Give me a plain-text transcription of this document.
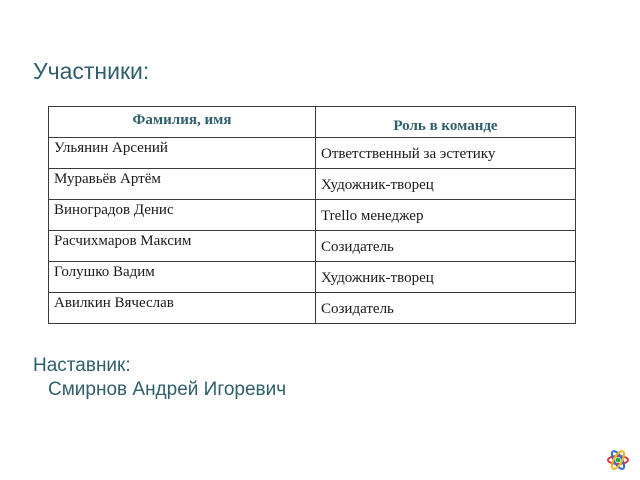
Участники:
Фамилия, имя	Роль в команде
Ульянин Арсений	Ответственный за эстетику
Муравьёв Артём	Художник-творец
Виноградов Денис	Trello менеджер
Расчихмаров Максим	Созидатель
Голушко Вадим	Художник-творец
Авилкин Вячеслав	Созидатель
Наставник:
Смирнов Андрей Игоревич
